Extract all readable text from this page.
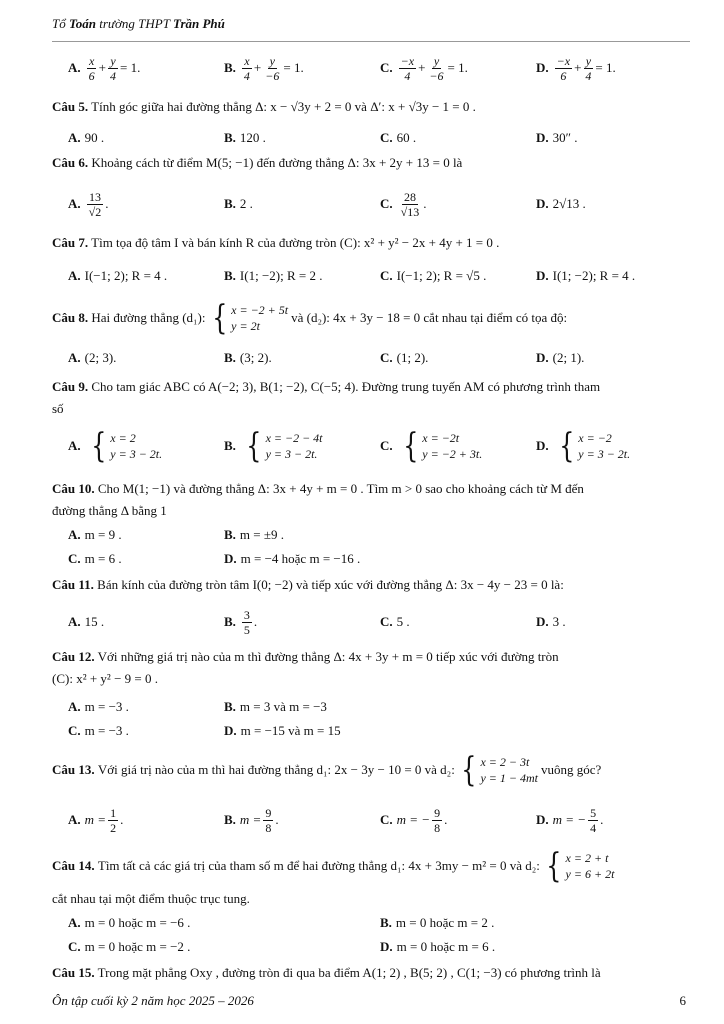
Tổ Toán trường THPT Trần Phú
A. x
6
+ $\frac{y}{4} = 1$.	B. x
4
+ $\frac{y}{-6} = 1$.	C. −x
4
+ $\frac{y}{-6} = 1$.	D. −x
6
+ $\frac{y}{4} = 1$.
Câu 5. Tính góc giữa hai đường thẳng Δ: x − √3y + 2 = 0 và Δ′: x + √3y − 1 = 0 .
A. 90 .	B. 120 .	C. 60 .	D. 30″ .
Câu 6. Khoảng cách từ điểm M(5; −1) đến đường thẳng Δ: 3x + 2y + 13 = 0 là
A. 13
√2
.	B. 2 .	C. 28
√13
.	D. 2√13 .
Câu 7. Tìm tọa độ tâm I và bán kính R của đường tròn (C): x² + y² − 2x + 4y + 1 = 0 .
A. I(−1; 2); R = 4 .	B. I(1; −2); R = 2 .	C. I(−1; 2); R = √5 .	D. I(1; −2); R = 4 .
Câu 8.
Hai đường thẳng (d₁): { x = −2 + 5t
y = 2t
và (d₂): 4x + 3y − 18 = 0 cắt nhau tại điểm có tọa độ:
A. (2; 3).	B. (3; 2).	C. (1; 2).	D. (2; 1).
Câu 9. Cho tam giác ABC có A(−2; 3), B(1; −2), C(−5; 4). Đường trung tuyến AM có phương trình tham
số
A. { x = 2
y = 3 − 2t.
B. { x = −2 − 4t
y = 3 − 2t.
C. { x = −2t
y = −2 + 3t.
D. { x = −2
y = 3 − 2t.
Câu 10. Cho M(1; −1) và đường thẳng Δ: 3x + 4y + m = 0 . Tìm m > 0 sao cho khoảng cách từ M đến
đường thẳng Δ bằng 1
A. m = 9 .	B. m = ±9 .
C. m = 6 .	D. m = −4 hoặc m = −16 .
Câu 11. Bán kính của đường tròn tâm I(0; −2) và tiếp xúc với đường thẳng Δ: 3x − 4y − 23 = 0 là:
A. 15 .	B. 3
5
.	C. 5 .	D. 3 .
Câu 12. Với những giá trị nào của m thì đường thẳng Δ: 4x + 3y + m = 0 tiếp xúc với đường tròn
(C): x² + y² − 9 = 0 .
A. m = −3 .	B. m = 3 và m = −3
C. m = −3 .	D. m = −15 và m = 15
Câu 13.
Với giá trị nào của m thì hai đường thẳng d₁: 2x − 3y − 10 = 0 và d₂: { x = 2 − 3t
y = 1 − 4mt
vuông góc?
A. $m = \frac{1}{2}$ .	B. $m = \frac{9}{8}$ .	C. m = − $\frac{9}{8}$ .	D. m = − $\frac{5}{4}$ .
Câu 14.
Tìm tất cả các giá trị của tham số m để hai đường thẳng d₁: 4x + 3my − m² = 0 và d₂: { x = 2 + t
y = 6 + 2t
cắt nhau tại một điểm thuộc trục tung.
A. m = 0 hoặc m = −6 .	B. m = 0 hoặc m = 2 .
C. m = 0 hoặc m = −2 .	D. m = 0 hoặc m = 6 .
Câu 15. Trong mặt phẳng Oxy , đường tròn đi qua ba điểm A(1; 2) , B(5; 2) , C(1; −3) có phương trình là
Ôn tập cuối kỳ 2 năm học 2025 – 2026	6
